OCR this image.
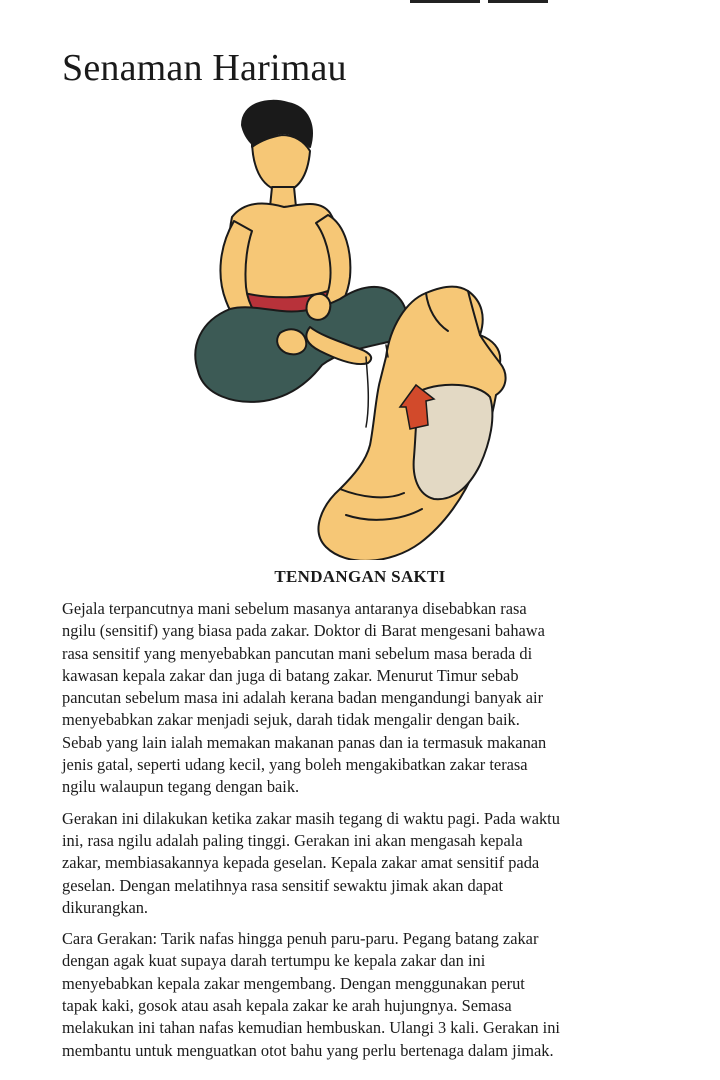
Senaman Harimau
TENDANGAN SAKTI

Gejala terpancutnya mani sebelum masanya antaranya disebabkan rasa
ngilu (sensitif) yang biasa pada zakar. Doktor di Barat mengesani bahawa
rasa sensitif yang menyebabkan pancutan mani sebelum masa berada di
kawasan kepala zakar dan juga di batang zakar. Menurut Timur sebab
pancutan sebelum masa ini adalah kerana badan mengandungi banyak air
menyebabkan zakar menjadi sejuk, darah tidak mengalir dengan baik.
Sebab yang lain ialah memakan makanan panas dan ia termasuk makanan
jenis gatal, seperti udang kecil, yang boleh mengakibatkan zakar terasa
ngilu walaupun tegang dengan baik.

Gerakan ini dilakukan ketika zakar masih tegang di waktu pagi. Pada waktu
ini, rasa ngilu adalah paling tinggi. Gerakan ini akan mengasah kepala
zakar, membiasakannya kepada geselan. Kepala zakar amat sensitif pada
geselan. Dengan melatihnya rasa sensitif sewaktu jimak akan dapat
dikurangkan.

Cara Gerakan: Tarik nafas hingga penuh paru-paru. Pegang batang zakar
dengan agak kuat supaya darah tertumpu ke kepala zakar dan ini
menyebabkan kepala zakar mengembang. Dengan menggunakan perut
tapak kaki, gosok atau asah kepala zakar ke arah hujungnya. Semasa
melakukan ini tahan nafas kemudian hembuskan. Ulangi 3 kali. Gerakan ini
membantu untuk menguatkan otot bahu yang perlu bertenaga dalam jimak.
